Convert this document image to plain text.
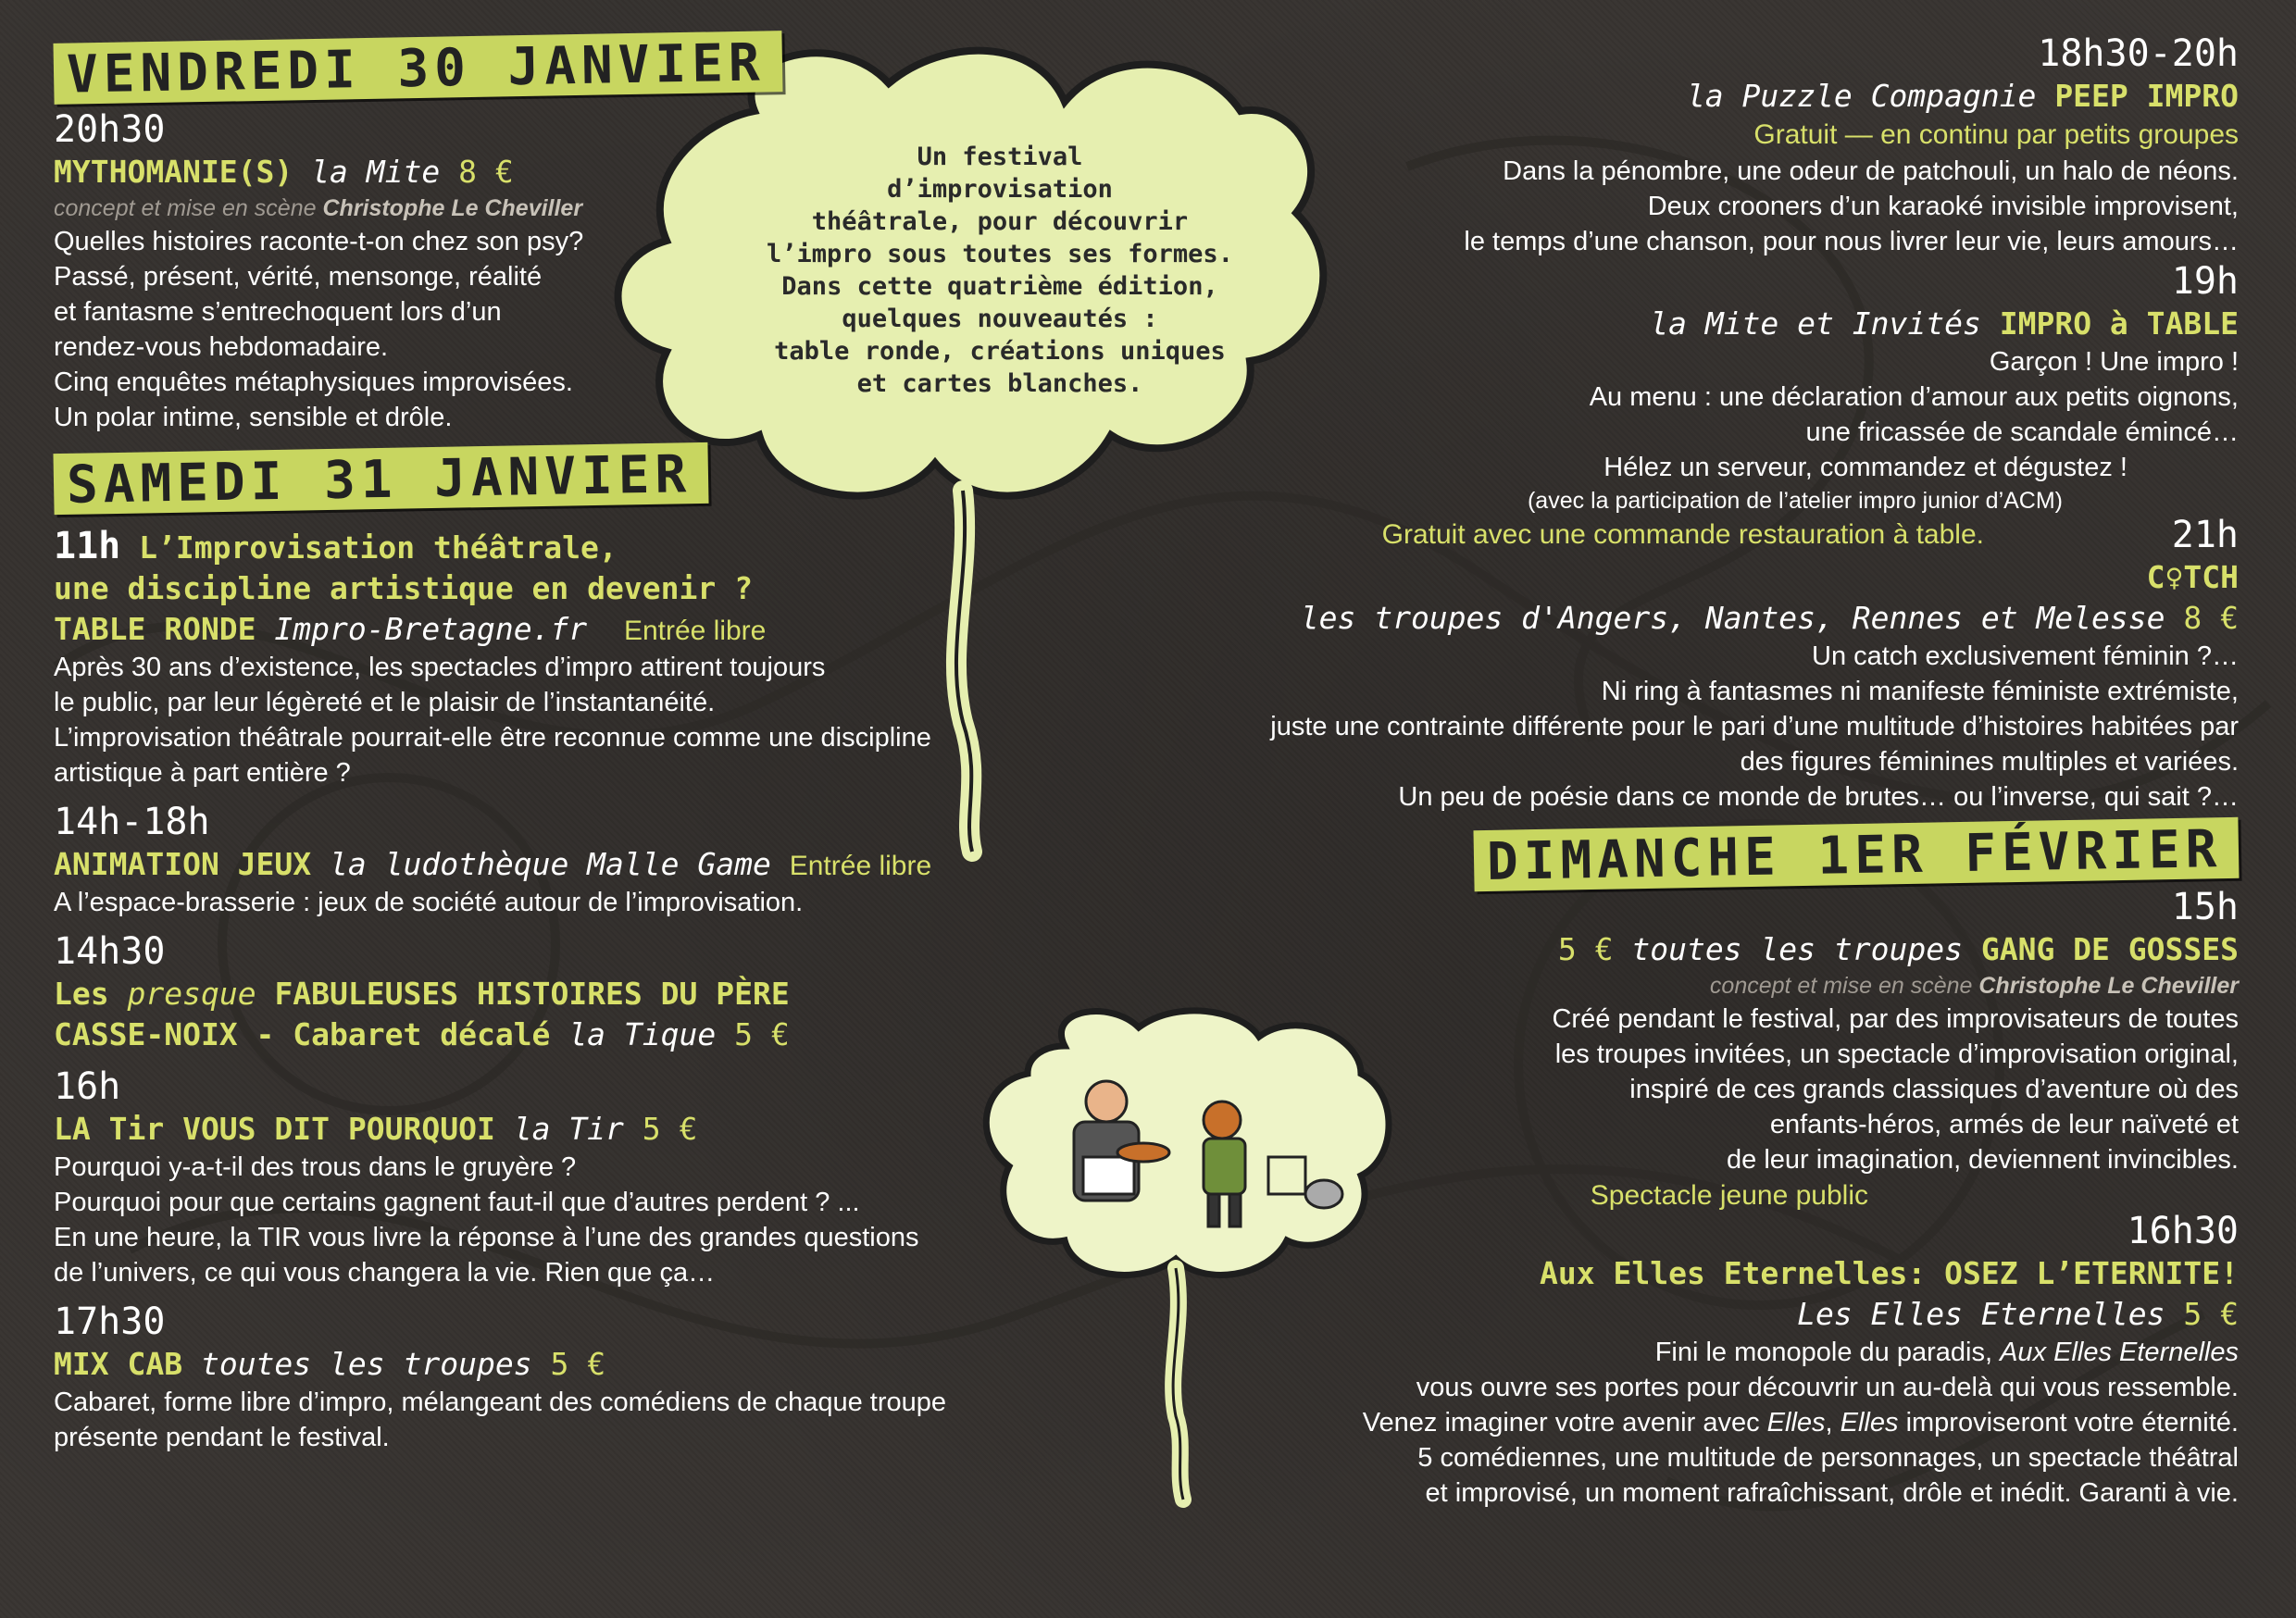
Un festival
d’improvisation
théâtrale, pour découvrir
l’impro sous toutes ses formes.
Dans cette quatrième édition,
quelques nouveautés :
table ronde, créations uniques
et cartes blanches.
VENDREDI 30 JANVIER
20h30
MYTHOMANIE(S) la Mite 8 €
concept et mise en scène Christophe Le Cheviller
Quelles histoires raconte-t-on chez son psy?
Passé, présent, vérité, mensonge, réalité
et fantasme s’entrechoquent lors d’un
rendez-vous hebdomadaire.
Cinq enquêtes métaphysiques improvisées.
Un polar intime, sensible et drôle.
SAMEDI 31 JANVIER
11h L’Improvisation théâtrale,
une discipline artistique en devenir ?
TABLE RONDE Impro-Bretagne.fr Entrée libre
Après 30 ans d’existence, les spectacles d’impro attirent toujours
le public, par leur légèreté et le plaisir de l’instantanéité.
L’improvisation théâtrale pourrait-elle être reconnue comme une discipline
artistique à part entière ?
14h-18h
ANIMATION JEUX la ludothèque Malle Game Entrée libre
A l’espace-brasserie : jeux de société autour de l’improvisation.
14h30
Les presque FABULEUSES HISTOIRES DU PÈRE
CASSE-NOIX - Cabaret décalé la Tique 5 €
16h
LA Tir VOUS DIT POURQUOI la Tir 5 €
Pourquoi y-a-t-il des trous dans le gruyère ?
Pourquoi pour que certains gagnent faut-il que d’autres perdent ? ...
En une heure, la TIR vous livre la réponse à l’une des grandes questions
de l’univers, ce qui vous changera la vie. Rien que ça…
17h30
MIX CAB toutes les troupes 5 €
Cabaret, forme libre d’impro, mélangeant des comédiens de chaque troupe
présente pendant le festival.
18h30-20h
la Puzzle Compagnie PEEP IMPRO
Gratuit — en continu par petits groupes
Dans la pénombre, une odeur de patchouli, un halo de néons.
Deux crooners d’un karaoké invisible improvisent,
le temps d’une chanson, pour nous livrer leur vie, leurs amours…
19h
la Mite et Invités IMPRO à TABLE
Garçon ! Une impro !
Au menu : une déclaration d’amour aux petits oignons,
une fricassée de scandale émincé…
Hélez un serveur, commandez et dégustez !
(avec la participation de l’atelier impro junior d’ACM)
Gratuit avec une commande restauration à table.	21h
C♀TCH
les troupes d'Angers, Nantes, Rennes et Melesse 8 €
Un catch exclusivement féminin ?…
Ni ring à fantasmes ni manifeste féministe extrémiste,
juste une contrainte différente pour le pari d’une multitude d’histoires habitées par
des figures féminines multiples et variées.
Un peu de poésie dans ce monde de brutes… ou l’inverse, qui sait ?…
DIMANCHE 1ER FÉVRIER
15h
5 € toutes les troupes GANG DE GOSSES
concept et mise en scène Christophe Le Cheviller
Créé pendant le festival, par des improvisateurs de toutes
les troupes invitées, un spectacle d’improvisation original,
inspiré de ces grands classiques d’aventure où des
enfants-héros, armés de leur naïveté et
de leur imagination, deviennent invincibles.
Spectacle jeune public
16h30
Aux Elles Eternelles: OSEZ L’ETERNITE!
Les Elles Eternelles 5 €
Fini le monopole du paradis, Aux Elles Eternelles
vous ouvre ses portes pour découvrir un au-delà qui vous ressemble.
Venez imaginer votre avenir avec Elles, Elles improviseront votre éternité.
5 comédiennes, une multitude de personnages, un spectacle théâtral
et improvisé, un moment rafraîchissant, drôle et inédit. Garanti à vie.
